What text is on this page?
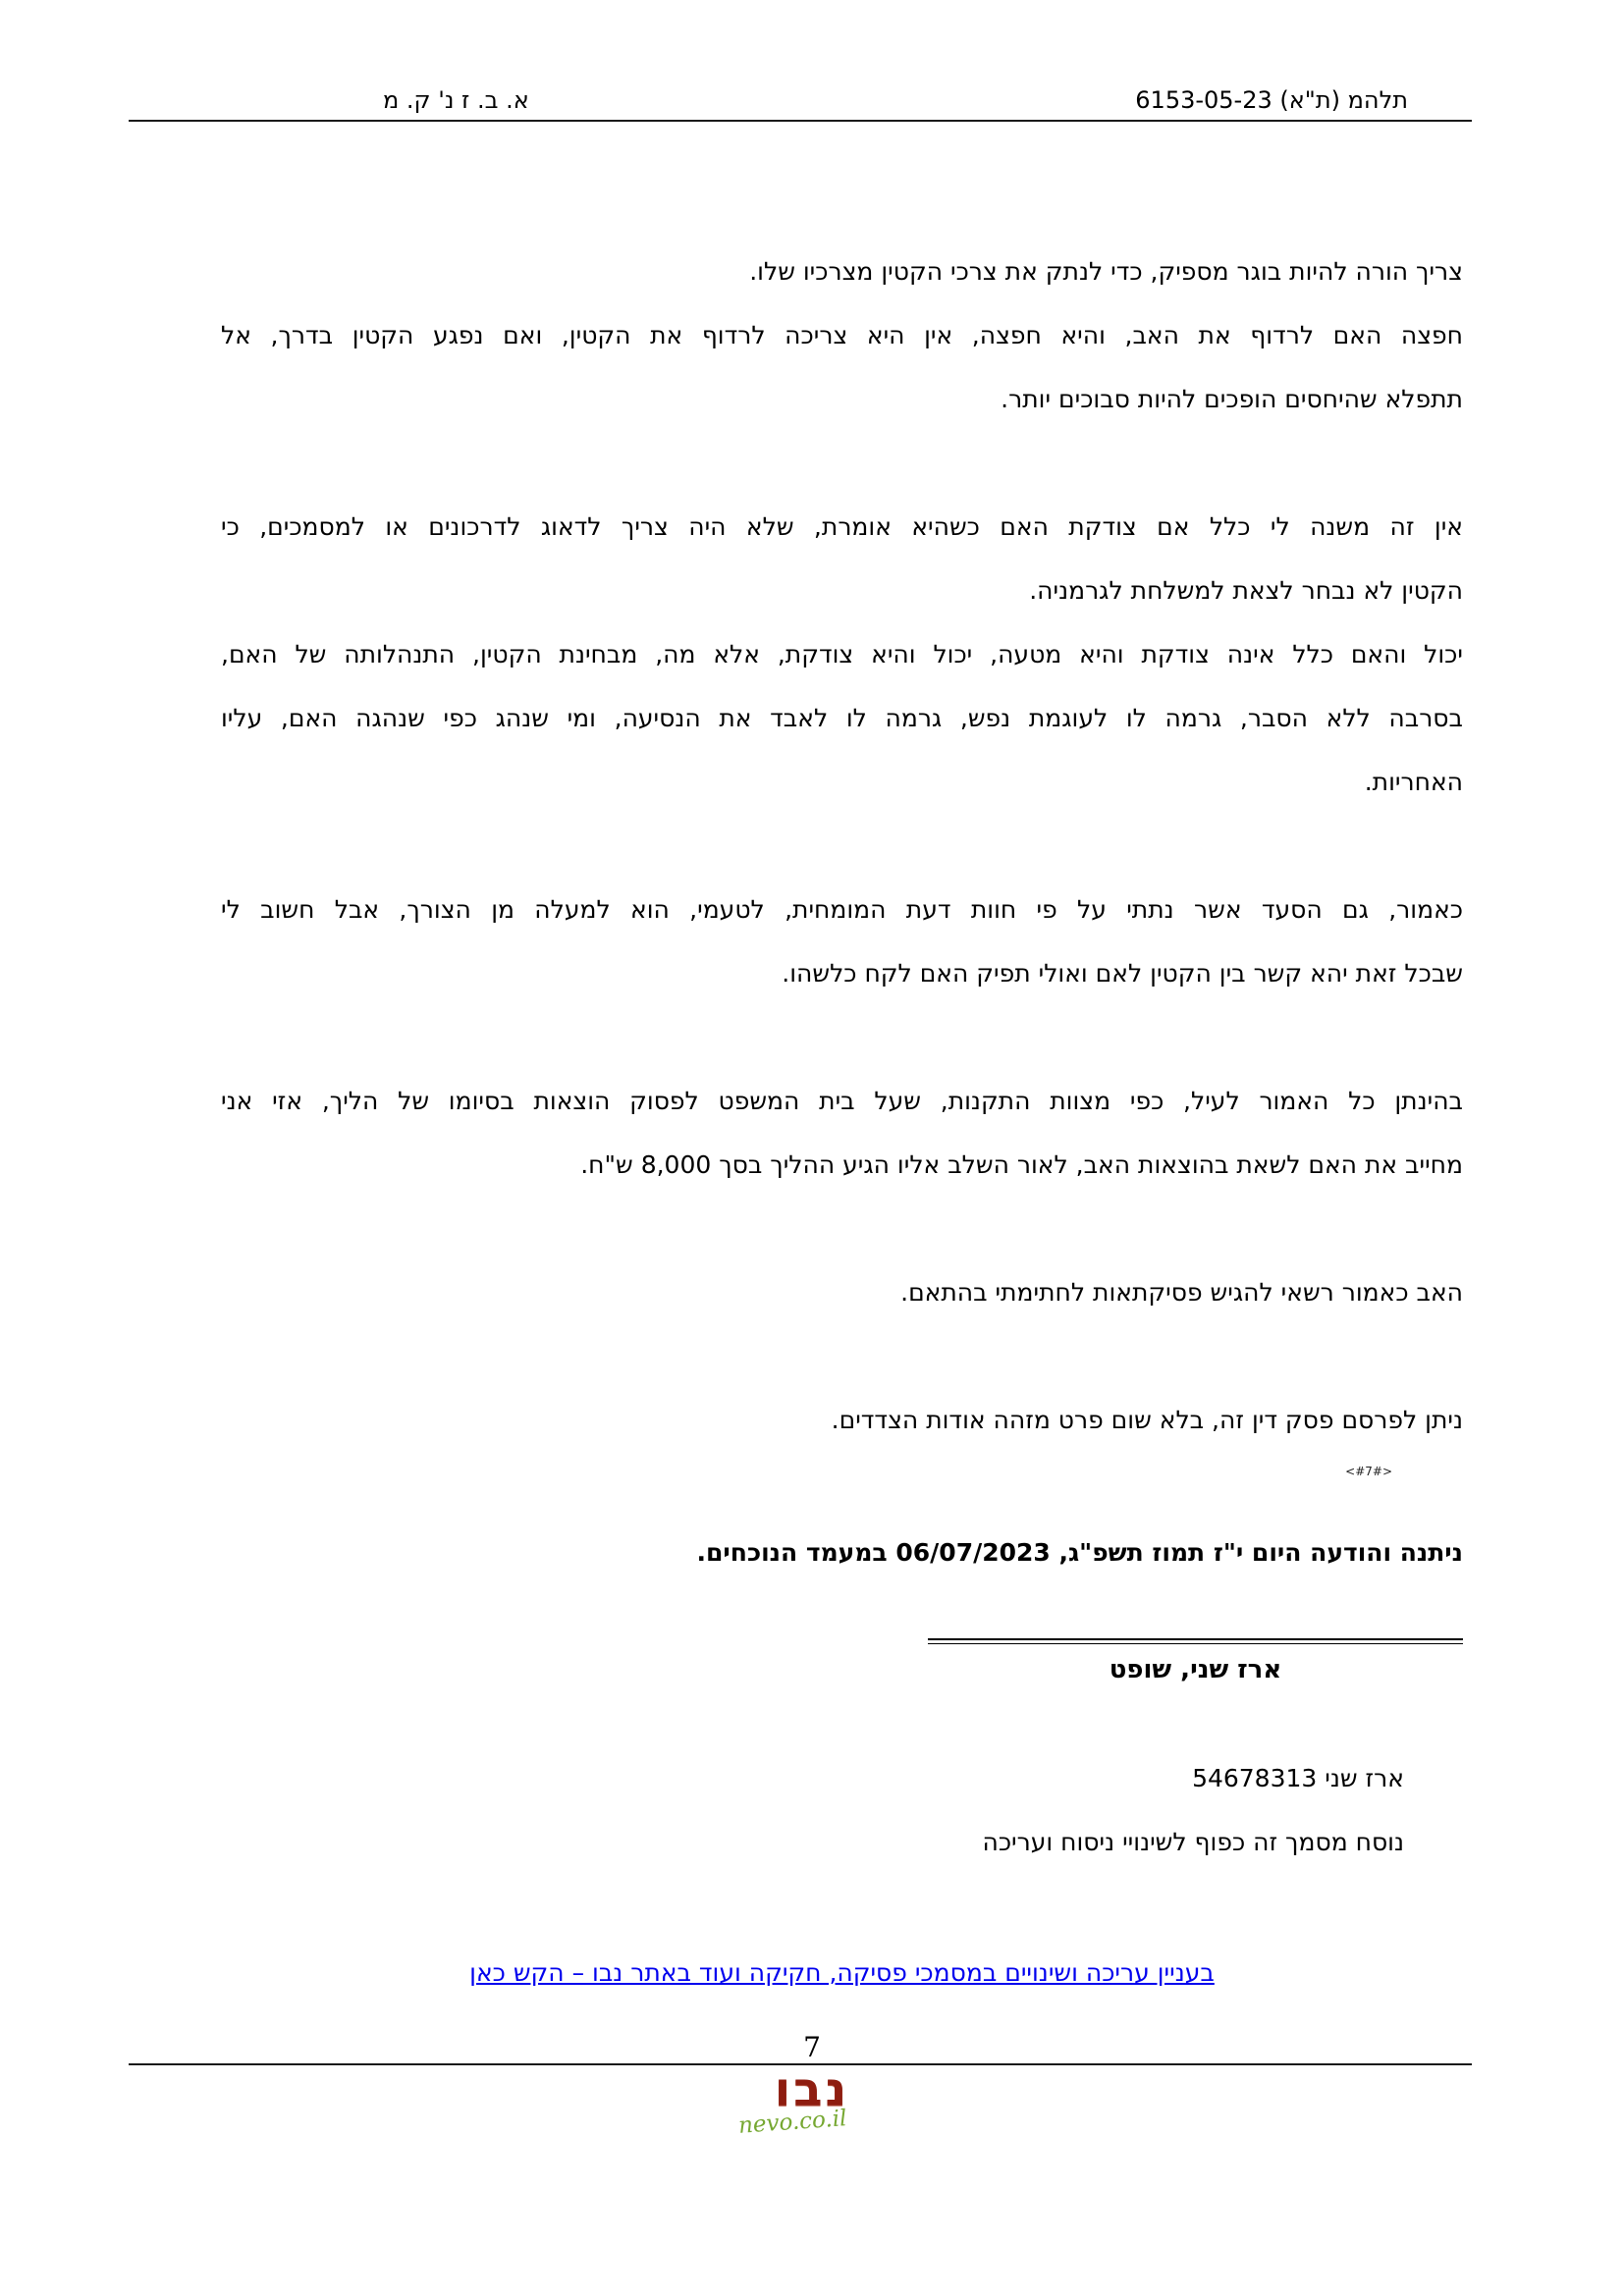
תלהמ (ת"א) 6153-05-23
א. ב. ז נ' ק. מ
צריך הורה להיות בוגר מספיק, כדי לנתק את צרכי הקטין מצרכיו שלו.
חפצה האם לרדוף את האב, והיא חפצה, אין היא צריכה לרדוף את הקטין, ואם נפגע הקטין בדרך, אל
תתפלא שהיחסים הופכים להיות סבוכים יותר.
אין זה משנה לי כלל אם צודקת האם כשהיא אומרת, שלא היה צריך לדאוג לדרכונים או למסמכים, כי
הקטין לא נבחר לצאת למשלחת לגרמניה.
יכול והאם כלל אינה צודקת והיא מטעה, יכול והיא צודקת, אלא מה, מבחינת הקטין, התנהלותה של האם,
בסרבה ללא הסבר, גרמה לו לעוגמת נפש, גרמה לו לאבד את הנסיעה, ומי שנהג כפי שנהגה האם, עליו
האחריות.
כאמור, גם הסעד אשר נתתי על פי חוות דעת המומחית, לטעמי, הוא למעלה מן הצורך, אבל חשוב לי
שבכל זאת יהא קשר בין הקטין לאם ואולי תפיק האם לקח כלשהו.
בהינתן כל האמור לעיל, כפי מצוות התקנות, שעל בית המשפט לפסוק הוצאות בסיומו של הליך, אזי אני
מחייב את האם לשאת בהוצאות האב, לאור השלב אליו הגיע ההליך בסך 8,000 ש"ח.
האב כאמור רשאי להגיש פסיקתאות לחתימתי בהתאם.
ניתן לפרסם פסק דין זה, בלא שום פרט מזהה אודות הצדדים.
<#7#>
ניתנה והודעה היום י"ז תמוז תשפ"ג, 06/07/2023 במעמד הנוכחים.
ארז שני, שופט
ארז שני 54678313
נוסח מסמך זה כפוף לשינויי ניסוח ועריכה
בעניין עריכה ושינויים במסמכי פסיקה, חקיקה ועוד באתר נבו – הקש כאן
7
נבו
nevo.co.il
